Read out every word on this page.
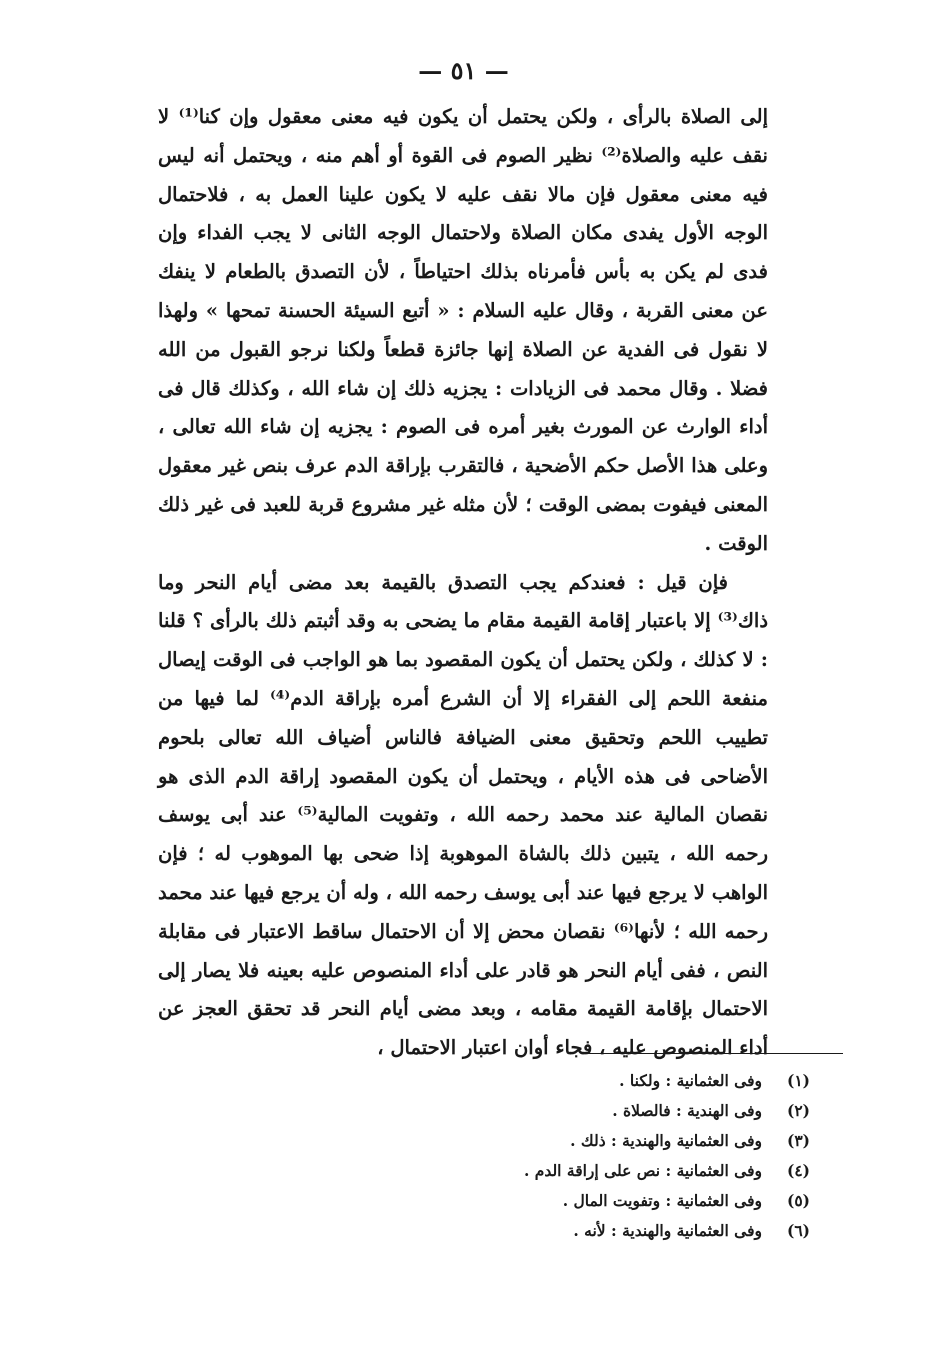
— ٥١ —

إلى الصلاة بالرأى ، ولكن يحتمل أن يكون فيه معنى معقول وإن كنا⁽¹⁾ لا نقف عليه والصلاة⁽²⁾ نظير الصوم فى القوة أو أهم منه ، ويحتمل أنه ليس فيه معنى معقول فإن مالا نقف عليه لا يكون علينا العمل به ، فلاحتمال الوجه الأول يفدى مكان الصلاة ولاحتمال الوجه الثانى لا يجب الفداء وإن فدى لم يكن به بأس فأمرناه بذلك احتياطاً ، لأن التصدق بالطعام لا ينفك عن معنى القربة ، وقال عليه السلام : « أتبع السيئة الحسنة تمحها » ولهذا لا نقول فى الفدية عن الصلاة إنها جائزة قطعاً ولكنا نرجو القبول من الله فضلا . وقال محمد فى الزيادات : يجزيه ذلك إن شاء الله ، وكذلك قال فى أداء الوارث عن المورث بغير أمره فى الصوم : يجزيه إن شاء الله تعالى ، وعلى هذا الأصل حكم الأضحية ، فالتقرب بإراقة الدم عرف بنص غير معقول المعنى فيفوت بمضى الوقت ؛ لأن مثله غير مشروع قربة للعبد فى غير ذلك الوقت .

فإن قيل : فعندكم يجب التصدق بالقيمة بعد مضى أيام النحر وما ذاك⁽³⁾ إلا باعتبار إقامة القيمة مقام ما يضحى به وقد أثبتم ذلك بالرأى ؟ قلنا : لا كذلك ، ولكن يحتمل أن يكون المقصود بما هو الواجب فى الوقت إيصال منفعة اللحم إلى الفقراء إلا أن الشرع أمره بإراقة الدم⁽⁴⁾ لما فيها من تطييب اللحم وتحقيق معنى الضيافة فالناس أضياف الله تعالى بلحوم الأضاحى فى هذه الأيام ، ويحتمل أن يكون المقصود إراقة الدم الذى هو نقصان المالية عند محمد رحمه الله ، وتفويت المالية⁽⁵⁾ عند أبى يوسف رحمه الله ، يتبين ذلك بالشاة الموهوبة إذا ضحى بها الموهوب له ؛ فإن الواهب لا يرجع فيها عند أبى يوسف رحمه الله ، وله أن يرجع فيها عند محمد رحمه الله ؛ لأنها⁽⁶⁾ نقصان محض إلا أن الاحتمال ساقط الاعتبار فى مقابلة النص ، ففى أيام النحر هو قادر على أداء المنصوص عليه بعينه فلا يصار إلى الاحتمال بإقامة القيمة مقامه ، وبعد مضى أيام النحر قد تحقق العجز عن أداء المنصوص عليه ، فجاء أوان اعتبار الاحتمال ،

(١)وفى العثمانية : ولكنا .
(٢)وفى الهندية : فالصلاة .
(٣)وفى العثمانية والهندية : ذلك .
(٤)وفى العثمانية : نص على إراقة الدم .
(٥)وفى العثمانية : وتفويت المال .
(٦)وفى العثمانية والهندية : لأنه .
